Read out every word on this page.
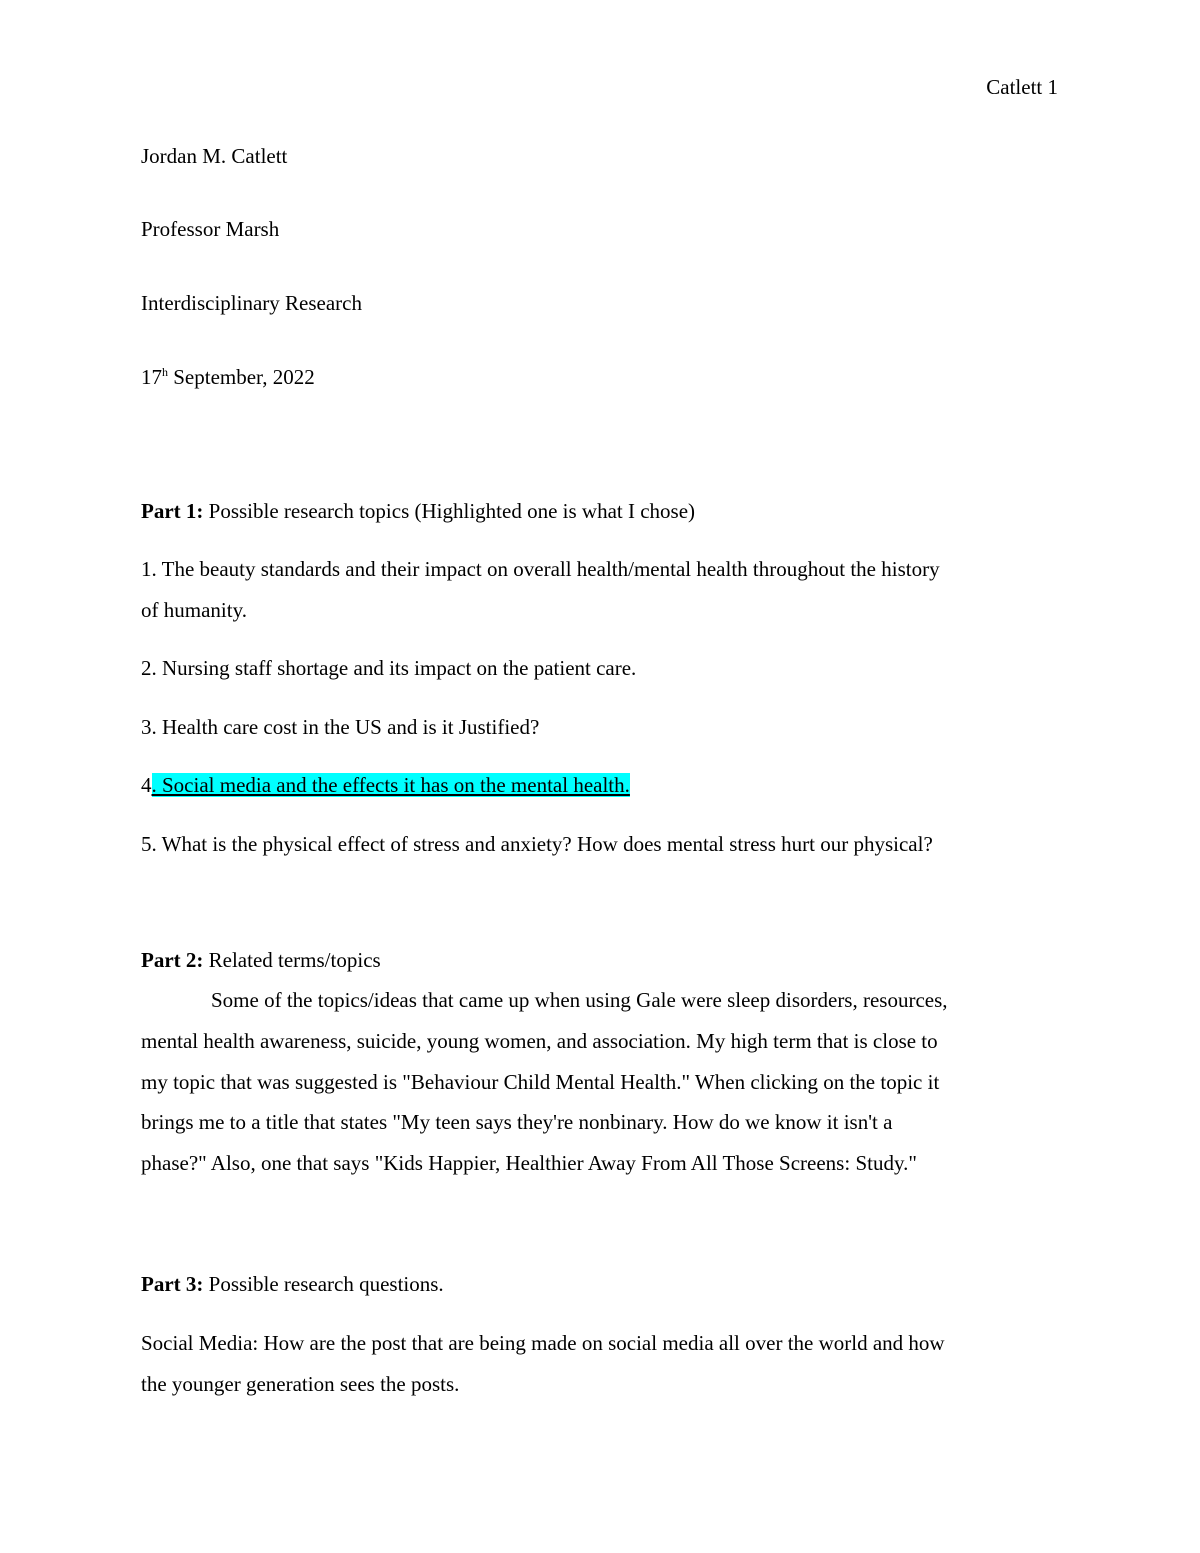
Catlett 1
Jordan M. Catlett
Professor Marsh
Interdisciplinary Research
17$^h$ September, 2022
Part 1: Possible research topics (Highlighted one is what I chose)
1. The beauty standards and their impact on overall health/mental health throughout the history
of humanity.
2. Nursing staff shortage and its impact on the patient care.
3. Health care cost in the US and is it Justified?
4. Social media and the effects it has on the mental health.
5. What is the physical effect of stress and anxiety? How does mental stress hurt our physical?
Part 2: Related terms/topics
Some of the topics/ideas that came up when using Gale were sleep disorders, resources,
mental health awareness, suicide, young women, and association. My high term that is close to
my topic that was suggested is "Behaviour Child Mental Health." When clicking on the topic it
brings me to a title that states "My teen says they're nonbinary. How do we know it isn't a
phase?" Also, one that says "Kids Happier, Healthier Away From All Those Screens: Study."
Part 3: Possible research questions.
Social Media: How are the post that are being made on social media all over the world and how
the younger generation sees the posts.
